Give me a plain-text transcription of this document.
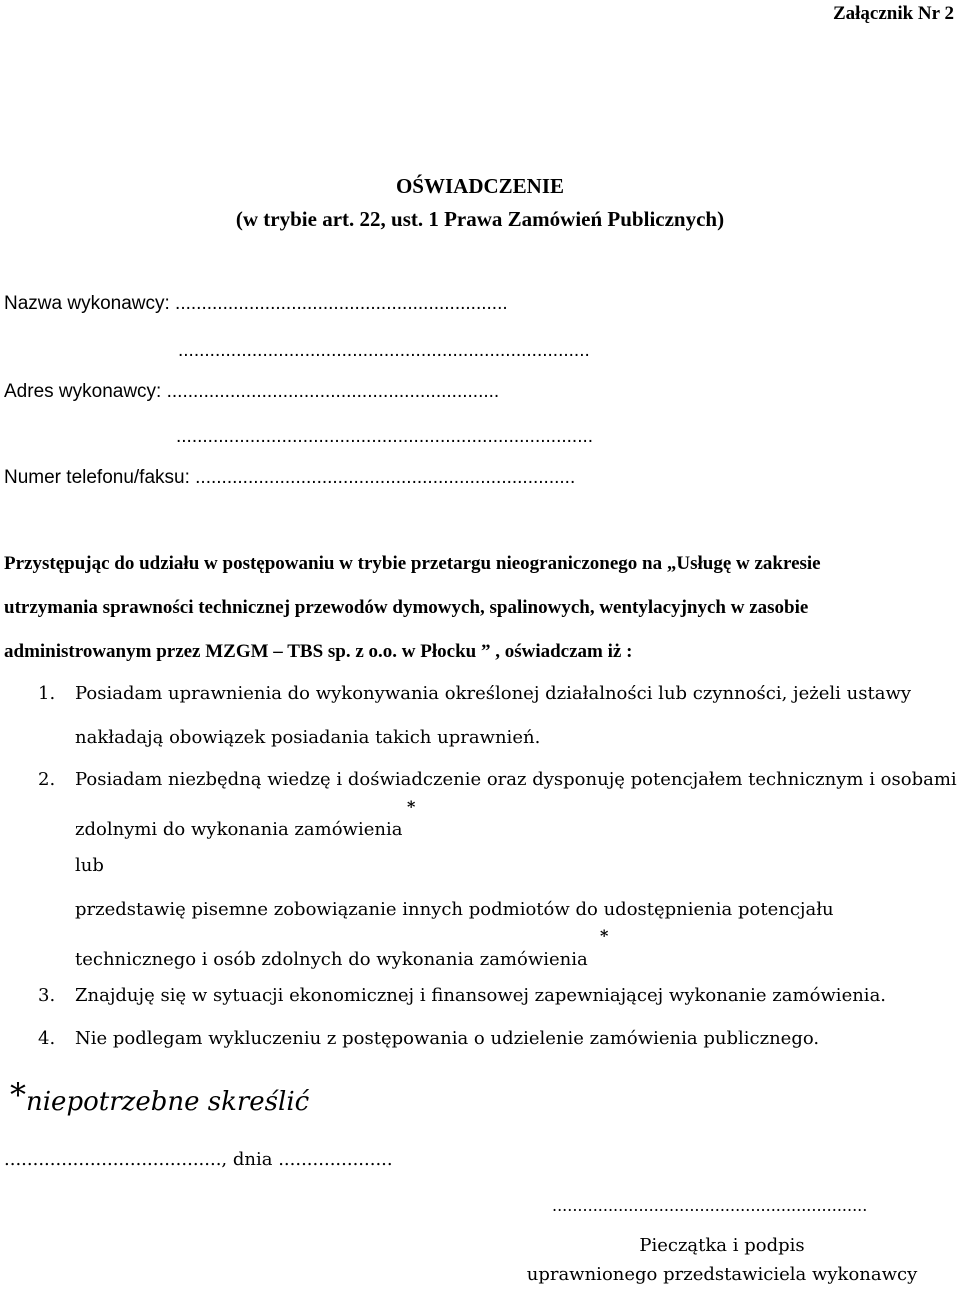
Załącznik Nr 2
OŚWIADCZENIE
(w trybie art. 22, ust. 1 Prawa Zamówień Publicznych)
Nazwa wykonawcy: ...............................................................
..............................................................................
Adres wykonawcy: ...............................................................
...............................................................................
Numer telefonu/faksu: ........................................................................
Przystępując do udziału w postępowaniu w trybie przetargu nieograniczonego na „Usługę w zakresie
utrzymania sprawności technicznej przewodów dymowych, spalinowych, wentylacyjnych w zasobie
administrowanym przez MZGM – TBS sp. z o.o. w Płocku ” , oświadczam iż :
1. Posiadam uprawnienia do wykonywania określonej działalności lub czynności, jeżeli ustawy
nakładają obowiązek posiadania takich uprawnień.
2. Posiadam niezbędną wiedzę i doświadczenie oraz dysponuję potencjałem technicznym i osobami
zdolnymi do wykonania zamówienia
*
lub
przedstawię pisemne zobowiązanie innych podmiotów do udostępnienia potencjału
technicznego i osób zdolnych do wykonania zamówienia
*
3. Znajduję się w sytuacji ekonomicznej i finansowej zapewniającej wykonanie zamówienia.
4. Nie podlegam wykluczeniu z postępowania o udzielenie zamówienia publicznego.
*niepotrzebne skreślić
......................................, dnia ....................
..............................................................
Pieczątka i podpis
uprawnionego przedstawiciela wykonawcy
